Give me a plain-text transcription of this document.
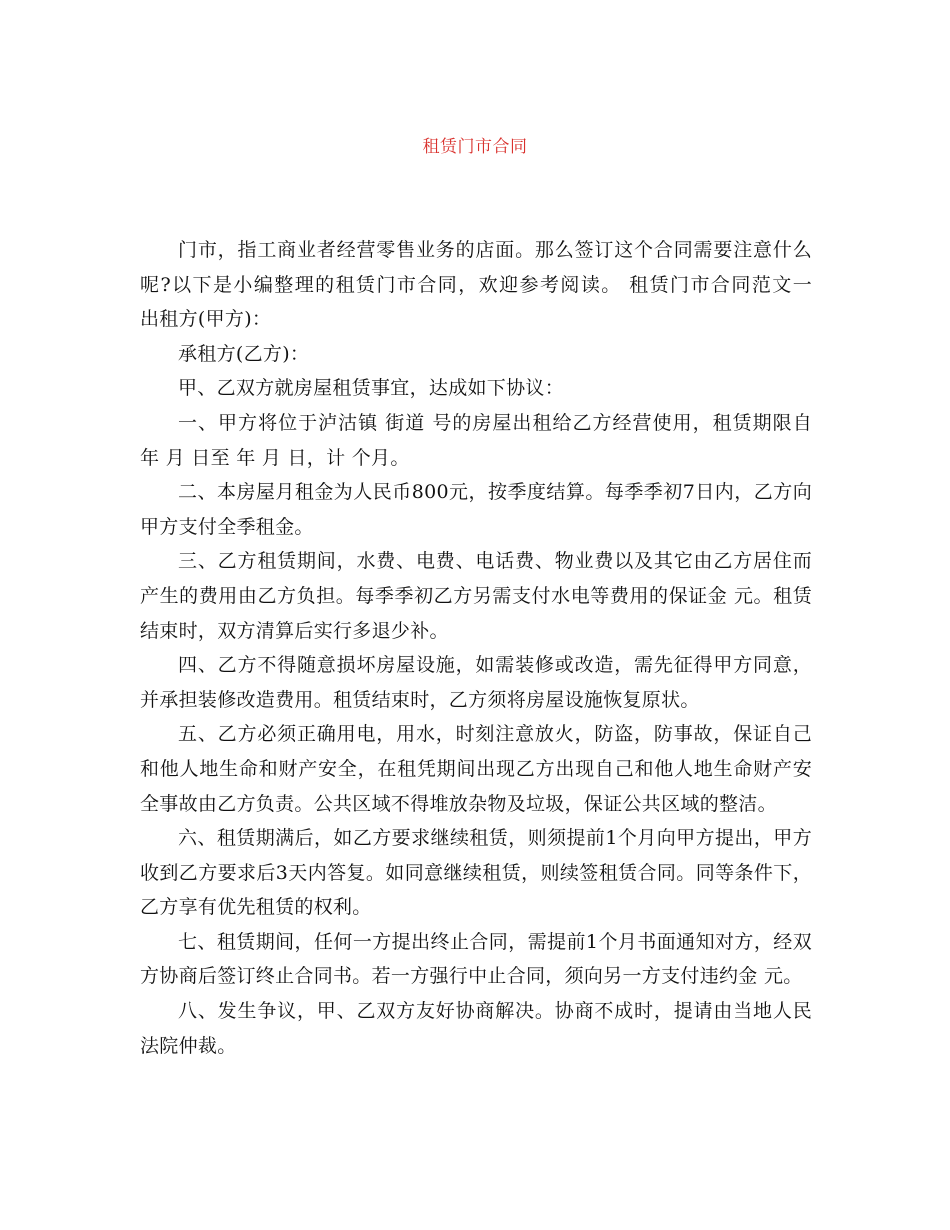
租赁门市合同

门市，指工商业者经营零售业务的店面。那么签订这个合同需要注意什么呢?以下是小编整理的租赁门市合同，欢迎参考阅读。 租赁门市合同范文一　　出租方(甲方)：

承租方(乙方)：

甲、乙双方就房屋租赁事宜，达成如下协议：

一、甲方将位于泸沽镇 街道 号的房屋出租给乙方经营使用，租赁期限自 年 月 日至 年 月 日，计 个月。

二、本房屋月租金为人民币800元，按季度结算。每季季初7日内，乙方向甲方支付全季租金。

三、乙方租赁期间，水费、电费、电话费、物业费以及其它由乙方居住而产生的费用由乙方负担。每季季初乙方另需支付水电等费用的保证金 元。租赁结束时，双方清算后实行多退少补。

四、乙方不得随意损坏房屋设施，如需装修或改造，需先征得甲方同意，并承担装修改造费用。租赁结束时，乙方须将房屋设施恢复原状。

五、乙方必须正确用电，用水，时刻注意放火，防盗，防事故，保证自己和他人地生命和财产安全，在租凭期间出现乙方出现自己和他人地生命财产安全事故由乙方负责。公共区域不得堆放杂物及垃圾，保证公共区域的整洁。

六、租赁期满后，如乙方要求继续租赁，则须提前1个月向甲方提出，甲方收到乙方要求后3天内答复。如同意继续租赁，则续签租赁合同。同等条件下，乙方享有优先租赁的权利。

七、租赁期间，任何一方提出终止合同，需提前1个月书面通知对方，经双方协商后签订终止合同书。若一方强行中止合同，须向另一方支付违约金 元。

八、发生争议，甲、乙双方友好协商解决。协商不成时，提请由当地人民法院仲裁。
